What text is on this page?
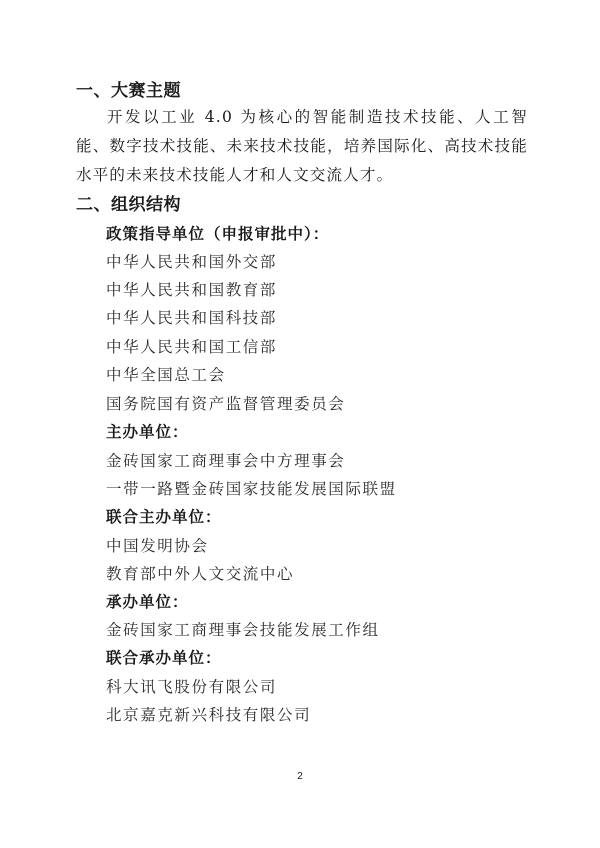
一、大赛主题
开发以工业 4.0 为核心的智能制造技术技能、人工智能、数字技术技能、未来技术技能，培养国际化、高技术技能水平的未来技术技能人才和人文交流人才。
二、组织结构
政策指导单位（申报审批中）：
中华人民共和国外交部
中华人民共和国教育部
中华人民共和国科技部
中华人民共和国工信部
中华全国总工会
国务院国有资产监督管理委员会
主办单位：
金砖国家工商理事会中方理事会
一带一路暨金砖国家技能发展国际联盟
联合主办单位：
中国发明协会
教育部中外人文交流中心
承办单位：
金砖国家工商理事会技能发展工作组
联合承办单位：
科大讯飞股份有限公司
北京嘉克新兴科技有限公司
2
